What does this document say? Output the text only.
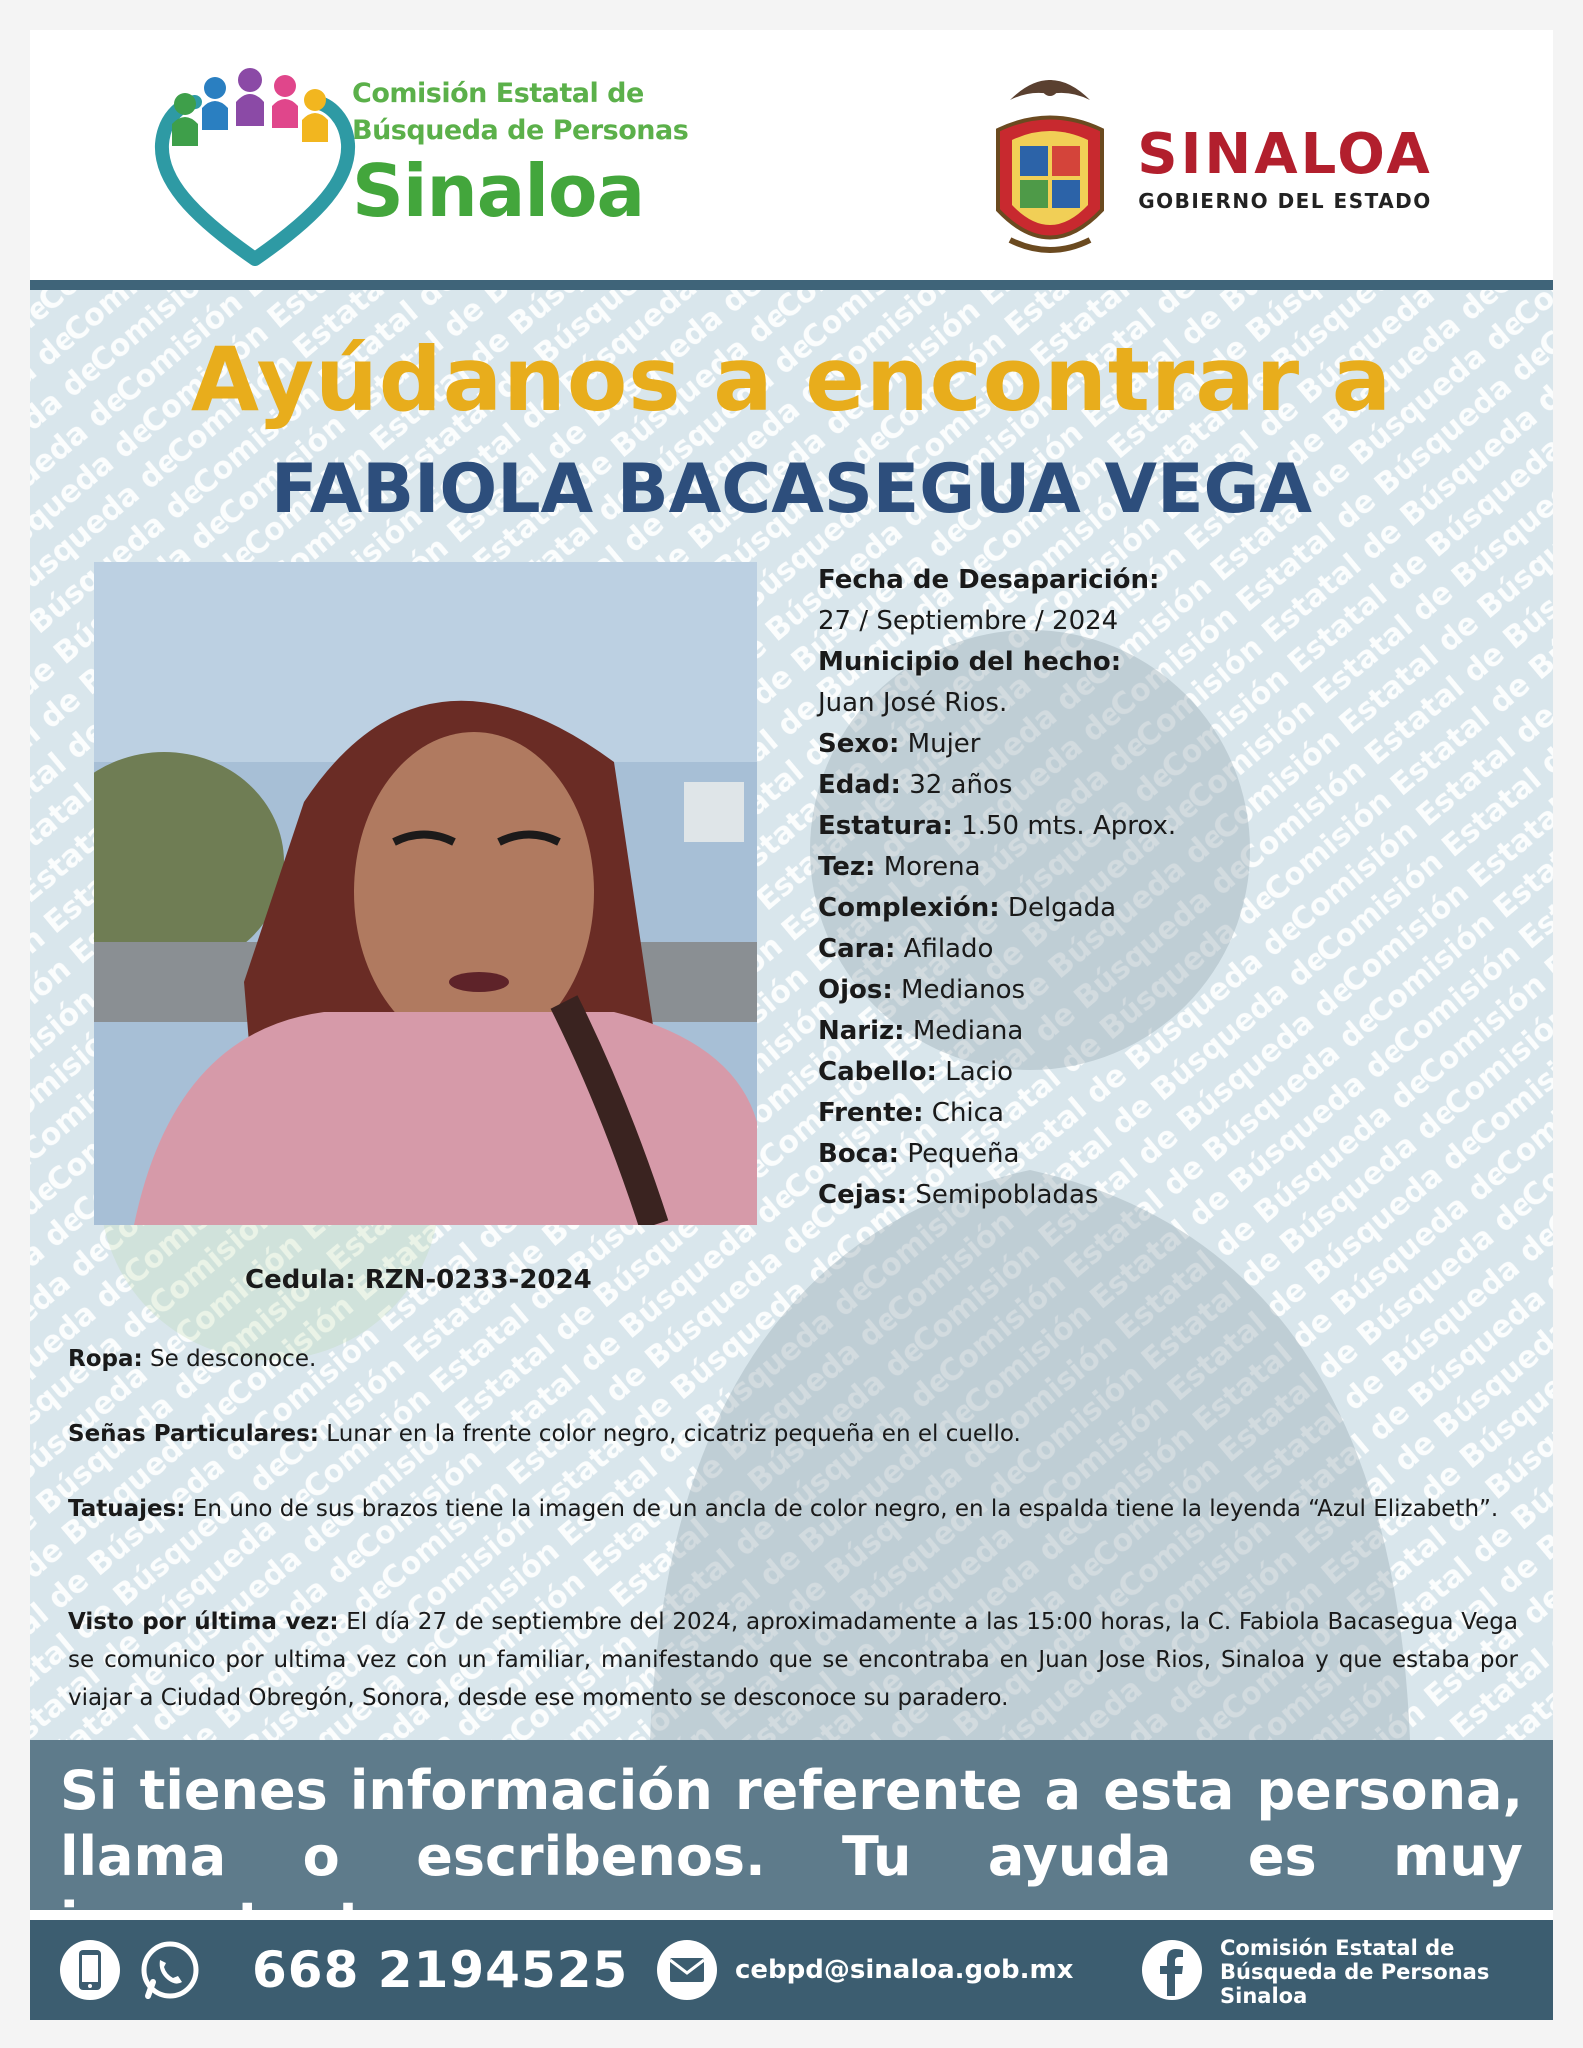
Comisión Estatal de
Búsqueda de Personas
Sinaloa	SINALOA
GOBIERNO DEL ESTADO
Ayúdanos a encontrar a
FABIOLA BACASEGUA VEGA
Fecha de Desaparición:
27 / Septiembre / 2024
Municipio del hecho:
Juan José Rios.
Sexo: Mujer
Edad: 32 años
Estatura: 1.50 mts. Aprox.
Tez: Morena
Complexión: Delgada
Cara: Afilado
Ojos: Medianos
Nariz: Mediana
Cabello: Lacio
Frente: Chica
Boca: Pequeña
Cejas: Semipobladas
Cedula: RZN-0233-2024
Ropa: Se desconoce.
Señas Particulares: Lunar en la frente color negro, cicatriz pequeña en el cuello.
Tatuajes: En uno de sus brazos tiene la imagen de un ancla de color negro, en la espalda tiene la leyenda “Azul Elizabeth”.
Visto por última vez: El día 27 de septiembre del 2024, aproximadamente a las 15:00 horas, la C. Fabiola Bacasegua Vega se comunico por ultima vez con un familiar, manifestando que se encontraba en Juan Jose Rios, Sinaloa y que estaba por viajar a Ciudad Obregón, Sonora, desde ese momento se desconoce su paradero.
Si tienes información referente a esta persona,
llama o escribenos. Tu ayuda es muy
668 2194525	cebpd@sinaloa.gob.mx
Comisión Estatal de
Búsqueda de Personas
Sinaloa
